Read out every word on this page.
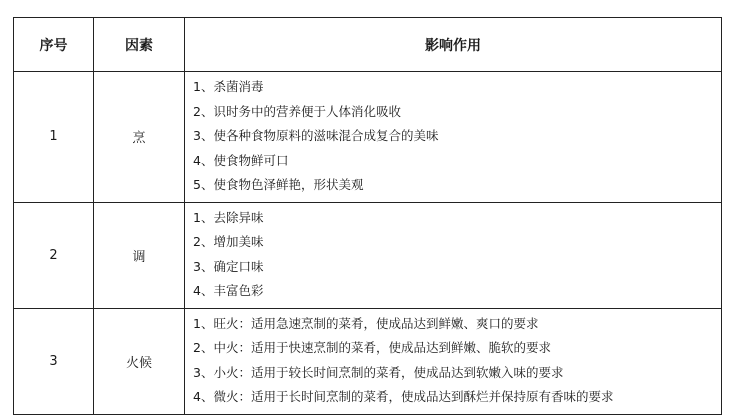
序号	因素	影响作用
1	烹	1、杀菌消毒
2、识时务中的营养便于人体消化吸收
3、使各种食物原料的滋味混合成复合的美味
4、使食物鲜可口
5、使食物色泽鲜艳，形状美观

2	调	1、去除异味
2、增加美味
3、确定口味
4、丰富色彩

3	火候	1、旺火：适用急速烹制的菜肴，使成品达到鲜嫩、爽口的要求
2、中火：适用于快速烹制的菜肴，使成品达到鲜嫩、脆软的要求
3、小火：适用于较长时间烹制的菜肴，使成品达到软嫩入味的要求
4、微火：适用于长时间烹制的菜肴，使成品达到酥烂并保持原有香味的要求
